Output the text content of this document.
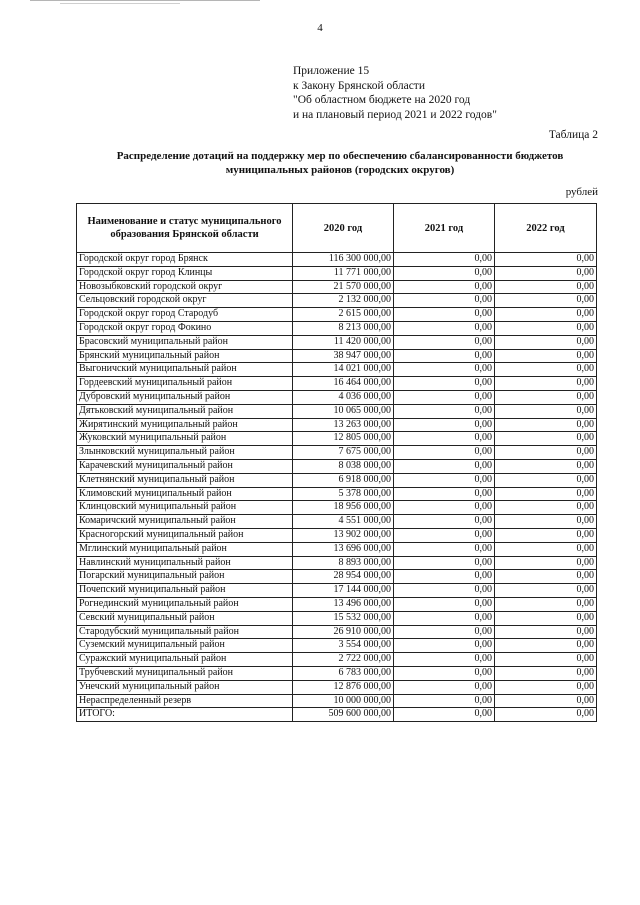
4
Приложение 15
к Закону Брянской области
"Об областном бюджете на 2020 год
и на плановый период 2021 и 2022 годов"
Таблица 2
Распределение дотаций на поддержку мер по обеспечению сбалансированности бюджетов
муниципальных районов (городских округов)
рублей
Наименование и статус муниципального образования Брянской области	2020 год	2021 год	2022 год
Городской округ город Брянск	116 300 000,00	0,00	0,00
Городской округ город Клинцы	11 771 000,00	0,00	0,00
Новозыбковский городской округ	21 570 000,00	0,00	0,00
Сельцовский городской округ	2 132 000,00	0,00	0,00
Городской округ город Стародуб	2 615 000,00	0,00	0,00
Городской округ город Фокино	8 213 000,00	0,00	0,00
Брасовский муниципальный район	11 420 000,00	0,00	0,00
Брянский муниципальный район	38 947 000,00	0,00	0,00
Выгоничский муниципальный район	14 021 000,00	0,00	0,00
Гордеевский муниципальный район	16 464 000,00	0,00	0,00
Дубровский муниципальный район	4 036 000,00	0,00	0,00
Дятьковский муниципальный район	10 065 000,00	0,00	0,00
Жирятинский муниципальный район	13 263 000,00	0,00	0,00
Жуковский муниципальный район	12 805 000,00	0,00	0,00
Злынковский муниципальный район	7 675 000,00	0,00	0,00
Карачевский муниципальный район	8 038 000,00	0,00	0,00
Клетнянский муниципальный район	6 918 000,00	0,00	0,00
Климовский муниципальный район	5 378 000,00	0,00	0,00
Клинцовский муниципальный район	18 956 000,00	0,00	0,00
Комаричский муниципальный район	4 551 000,00	0,00	0,00
Красногорский муниципальный район	13 902 000,00	0,00	0,00
Мглинский муниципальный район	13 696 000,00	0,00	0,00
Навлинский муниципальный район	8 893 000,00	0,00	0,00
Погарский муниципальный район	28 954 000,00	0,00	0,00
Почепский муниципальный район	17 144 000,00	0,00	0,00
Рогнединский муниципальный район	13 496 000,00	0,00	0,00
Севский муниципальный район	15 532 000,00	0,00	0,00
Стародубский муниципальный район	26 910 000,00	0,00	0,00
Суземский муниципальный район	3 554 000,00	0,00	0,00
Суражский муниципальный район	2 722 000,00	0,00	0,00
Трубчевский муниципальный район	6 783 000,00	0,00	0,00
Унечский муниципальный район	12 876 000,00	0,00	0,00
Нераспределенный резерв	10 000 000,00	0,00	0,00
ИТОГО:	509 600 000,00	0,00	0,00
